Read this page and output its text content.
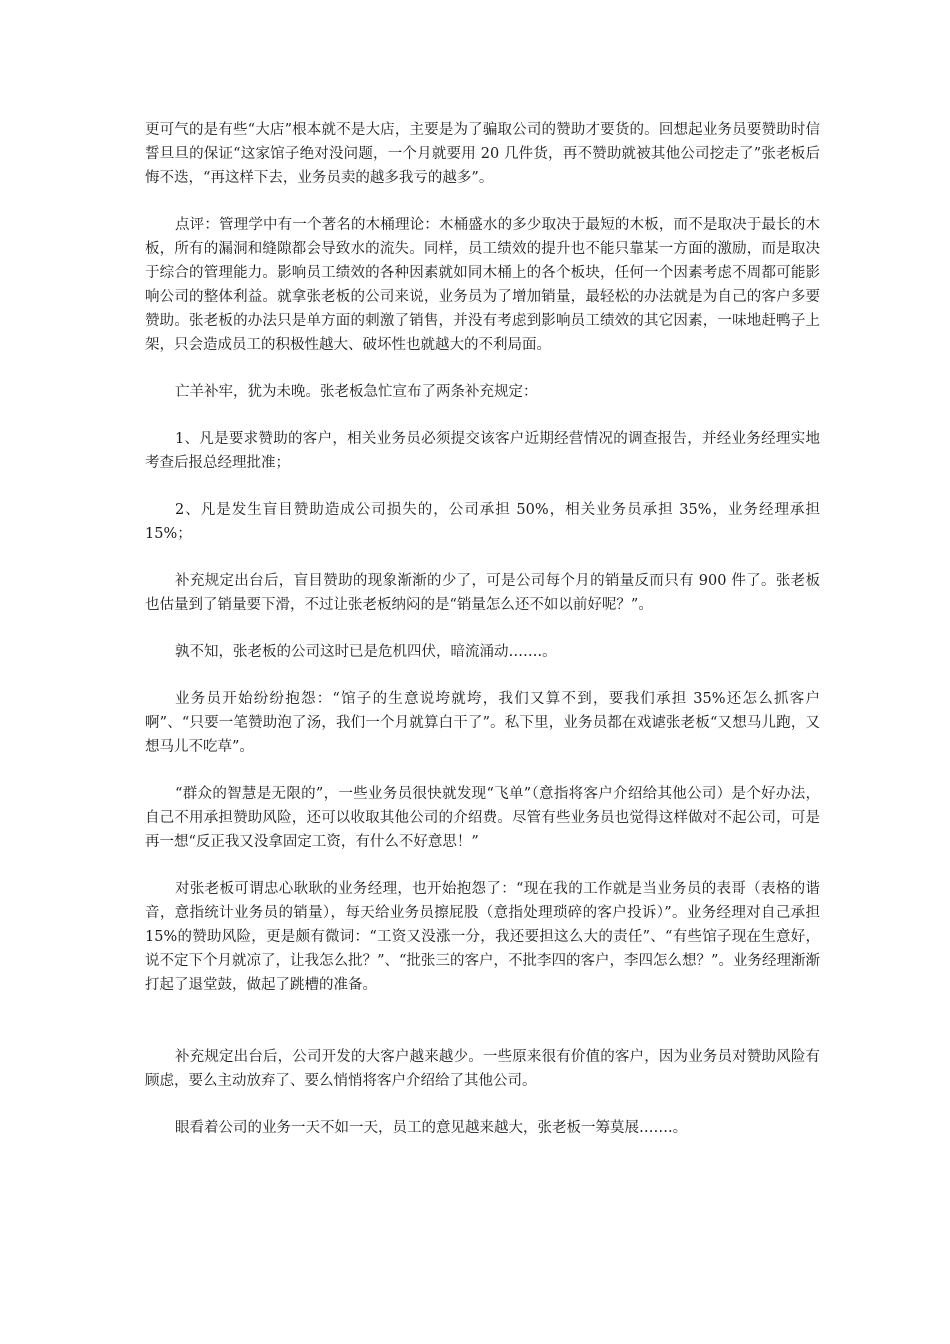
更可气的是有些“大店”根本就不是大店，主要是为了骗取公司的赞助才要货的。回想起业务员要赞助时信誓旦旦的保证“这家馆子绝对没问题，一个月就要用 20 几件货，再不赞助就被其他公司挖走了”张老板后悔不迭，“再这样下去，业务员卖的越多我亏的越多”。

点评：管理学中有一个著名的木桶理论：木桶盛水的多少取决于最短的木板，而不是取决于最长的木板，所有的漏洞和缝隙都会导致水的流失。同样，员工绩效的提升也不能只靠某一方面的激励，而是取决于综合的管理能力。影响员工绩效的各种因素就如同木桶上的各个板块，任何一个因素考虑不周都可能影响公司的整体利益。就拿张老板的公司来说，业务员为了增加销量，最轻松的办法就是为自己的客户多要赞助。张老板的办法只是单方面的刺激了销售，并没有考虑到影响员工绩效的其它因素，一味地赶鸭子上架，只会造成员工的积极性越大、破坏性也就越大的不利局面。

亡羊补牢，犹为未晚。张老板急忙宣布了两条补充规定：

1、凡是要求赞助的客户，相关业务员必须提交该客户近期经营情况的调查报告，并经业务经理实地考查后报总经理批准；

2、凡是发生盲目赞助造成公司损失的，公司承担 50%，相关业务员承担 35%，业务经理承担 15%；

补充规定出台后，盲目赞助的现象渐渐的少了，可是公司每个月的销量反而只有 900 件了。张老板也估量到了销量要下滑，不过让张老板纳闷的是“销量怎么还不如以前好呢？”。

孰不知，张老板的公司这时已是危机四伏，暗流涌动…….。

业务员开始纷纷抱怨：“馆子的生意说垮就垮，我们又算不到，要我们承担 35%还怎么抓客户啊”、“只要一笔赞助泡了汤，我们一个月就算白干了”。私下里，业务员都在戏谑张老板“又想马儿跑，又想马儿不吃草”。

“群众的智慧是无限的”，一些业务员很快就发现“飞单”（意指将客户介绍给其他公司）是个好办法，自己不用承担赞助风险，还可以收取其他公司的介绍费。尽管有些业务员也觉得这样做对不起公司，可是再一想“反正我又没拿固定工资，有什么不好意思！”

对张老板可谓忠心耿耿的业务经理，也开始抱怨了：“现在我的工作就是当业务员的表哥（表格的谐音，意指统计业务员的销量），每天给业务员擦屁股（意指处理琐碎的客户投诉）”。业务经理对自己承担 15%的赞助风险，更是颇有微词：“工资又没涨一分，我还要担这么大的责任”、“有些馆子现在生意好，说不定下个月就凉了，让我怎么批？”、“批张三的客户，不批李四的客户，李四怎么想？”。业务经理渐渐打起了退堂鼓，做起了跳槽的准备。

补充规定出台后，公司开发的大客户越来越少。一些原来很有价值的客户，因为业务员对赞助风险有顾虑，要么主动放弃了、要么悄悄将客户介绍给了其他公司。

眼看着公司的业务一天不如一天，员工的意见越来越大，张老板一筹莫展…….。
